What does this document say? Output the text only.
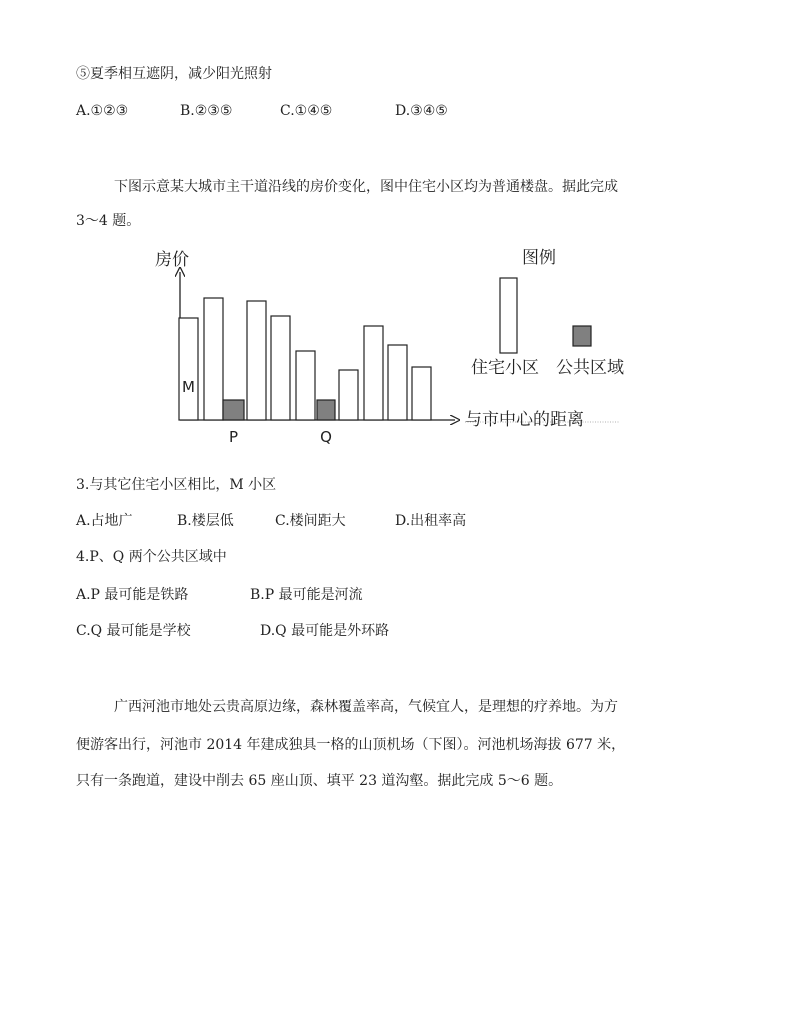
⑤夏季相互遮阴，减少阳光照射
A.①②③	B.②③⑤	C.①④⑤	D.③④⑤
下图示意某大城市主干道沿线的房价变化，图中住宅小区均为普通楼盘。据此完成
3～4 题。
房价
与市中心的距离
M
P	Q
图例
住宅小区 公共区域
3.与其它住宅小区相比，M 小区
A.占地广	B.楼层低	C.楼间距大	D.出租率高
4.P、Q 两个公共区域中
A.P 最可能是铁路	B.P 最可能是河流
C.Q 最可能是学校	D.Q 最可能是外环路
广西河池市地处云贵高原边缘，森林覆盖率高，气候宜人，是理想的疗养地。为方
便游客出行，河池市 2014 年建成独具一格的山顶机场（下图）。河池机场海拔 677 米，
只有一条跑道，建设中削去 65 座山顶、填平 23 道沟壑。据此完成 5～6 题。
